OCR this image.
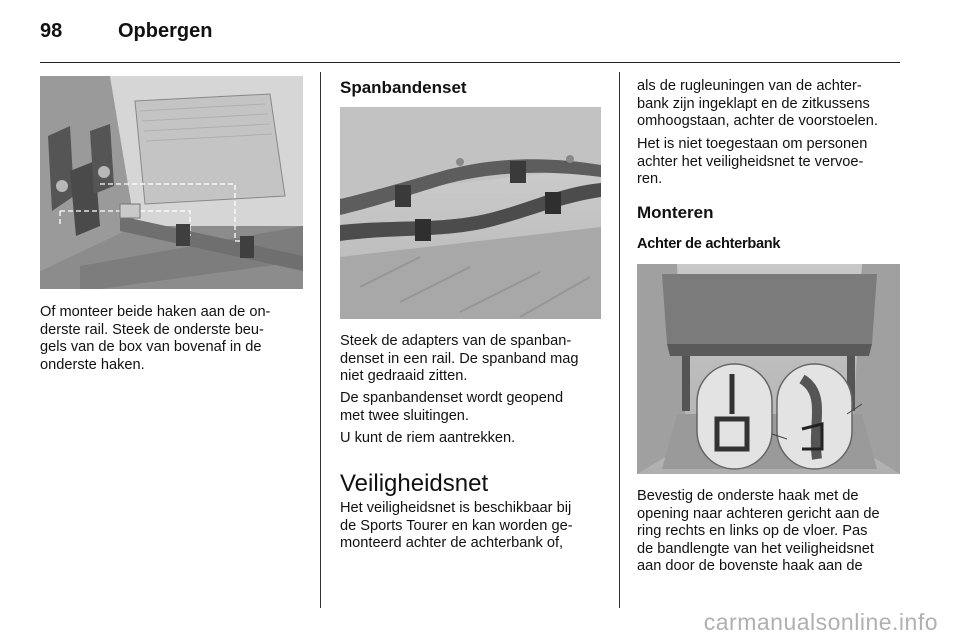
98	Opbergen

Of monteer beide haken aan de on-
derste rail. Steek de onderste beu-
gels van de box van bovenaf in de
onderste haken.

Spanbandenset

Steek de adapters van de spanban-
denset in een rail. De spanband mag
niet gedraaid zitten.

De spanbandenset wordt geopend
met twee sluitingen.

U kunt de riem aantrekken.

Veiligheidsnet

Het veiligheidsnet is beschikbaar bij
de Sports Tourer en kan worden ge-
monteerd achter de achterbank of,

als de rugleuningen van de achter-
bank zijn ingeklapt en de zitkussens
omhoogstaan, achter de voorstoelen.

Het is niet toegestaan om personen
achter het veiligheidsnet te vervoe-
ren.

Monteren
Achter de achterbank

Bevestig de onderste haak met de
opening naar achteren gericht aan de
ring rechts en links op de vloer. Pas
de bandlengte van het veiligheidsnet
aan door de bovenste haak aan de

carmanualsonline.info
